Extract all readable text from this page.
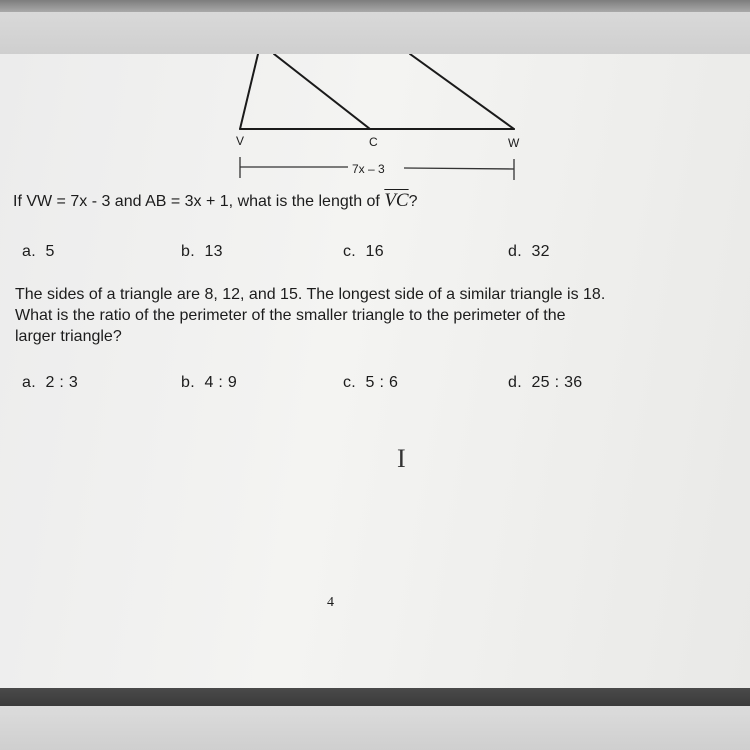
V	C	W
7x – 3
If VW = 7x - 3 and AB = 3x + 1, what is the length of $\overline{VC}$?
a. 5	b. 13	c. 16	d. 32
The sides of a triangle are 8, 12, and 15. The longest side of a similar triangle is 18.
What is the ratio of the perimeter of the smaller triangle to the perimeter of the
larger triangle?
a. 2 : 3	b. 4 : 9	c. 5 : 6	d. 25 : 36
I
4
